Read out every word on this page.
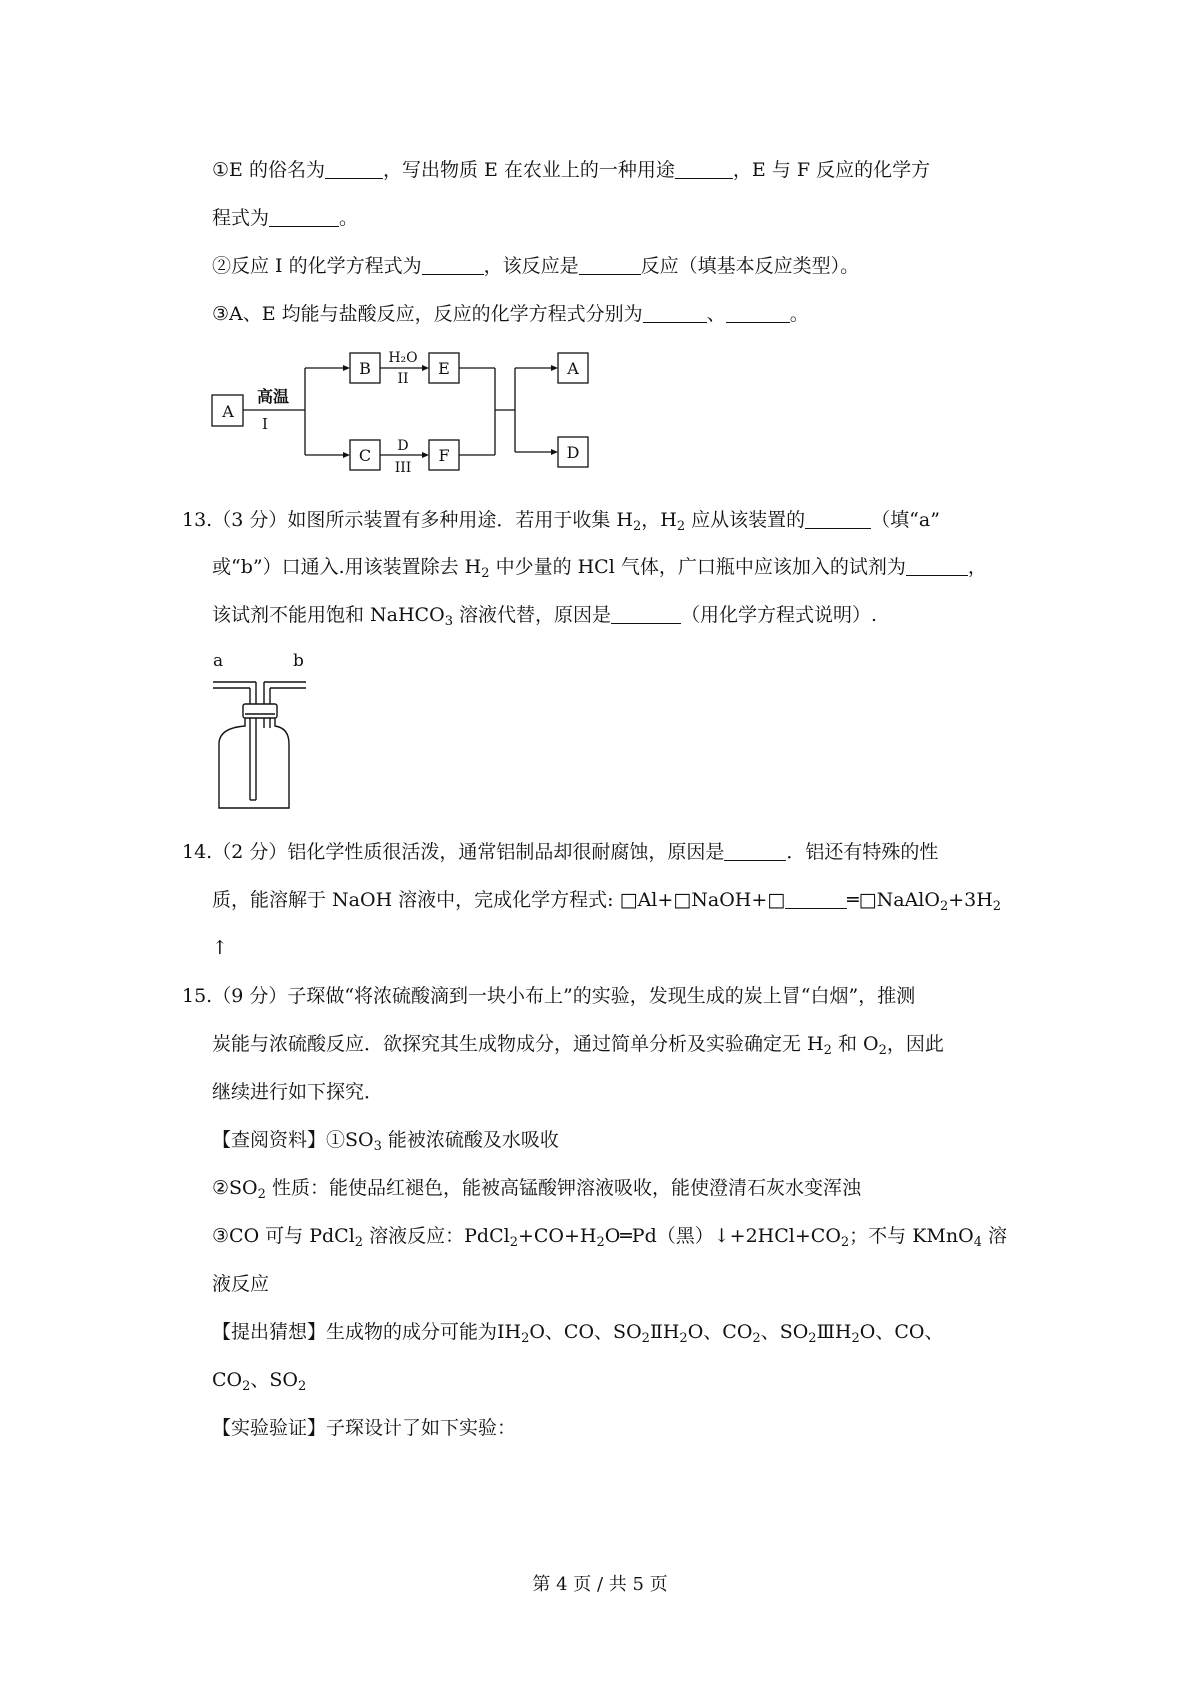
①E 的俗名为	，写出物质 E 在农业上的一种用途	，E 与 F 反应的化学方
程式为	。
②反应 I 的化学方程式为	，该反应是	反应（填基本反应类型）。
③A、E 均能与盐酸反应，反应的化学方程式分别为	、	。
A
B
C
E
F
A
D
高温
I
H₂O
II
D
III
13.（3 分）如图所示装置有多种用途．若用于收集 $H_2$，$H_2$ 应从该装置的	（填“a”
或“b”）口通入.用该装置除去 $H_2$ 中少量的 HCl 气体，广口瓶中应该加入的试剂为	，
该试剂不能用饱和 NaHCO$_3$ 溶液代替，原因是	（用化学方程式说明）.
a	b
14.（2 分）铝化学性质很活泼，通常铝制品却很耐腐蚀，原因是	．铝还有特殊的性
质，能溶解于 NaOH 溶液中，完成化学方程式: □Al+□NaOH+□	$═□NaAlO_2+3H_2$
↑
15.（9 分）子琛做“将浓硫酸滴到一块小布上”的实验，发现生成的炭上冒“白烟”，推测
炭能与浓硫酸反应．欲探究其生成物成分，通过简单分析及实验确定无 $H_2$ 和 $O_2$，因此
继续进行如下探究．
【查阅资料】$①SO_3$ 能被浓硫酸及水吸收
$②SO_2$ 性质：能使品红褪色，能被高锰酸钾溶液吸收，能使澄清石灰水变浑浊
③CO 可与 PdCl$_2$ 溶液反应：$PdCl_2+CO+H_2O═Pd$（黑）$↓+2HCl+CO_2$；不与 KMnO$_4$ 溶
液反应
【提出猜想】生成物的成分可能为$ⅠH_2O$、CO、$SO_2ⅡH_2O$、$CO_2$、$SO_2ⅢH_2O$、CO、
$CO_2$、$SO_2$
【实验验证】子琛设计了如下实验：
第 4 页 / 共 5 页
